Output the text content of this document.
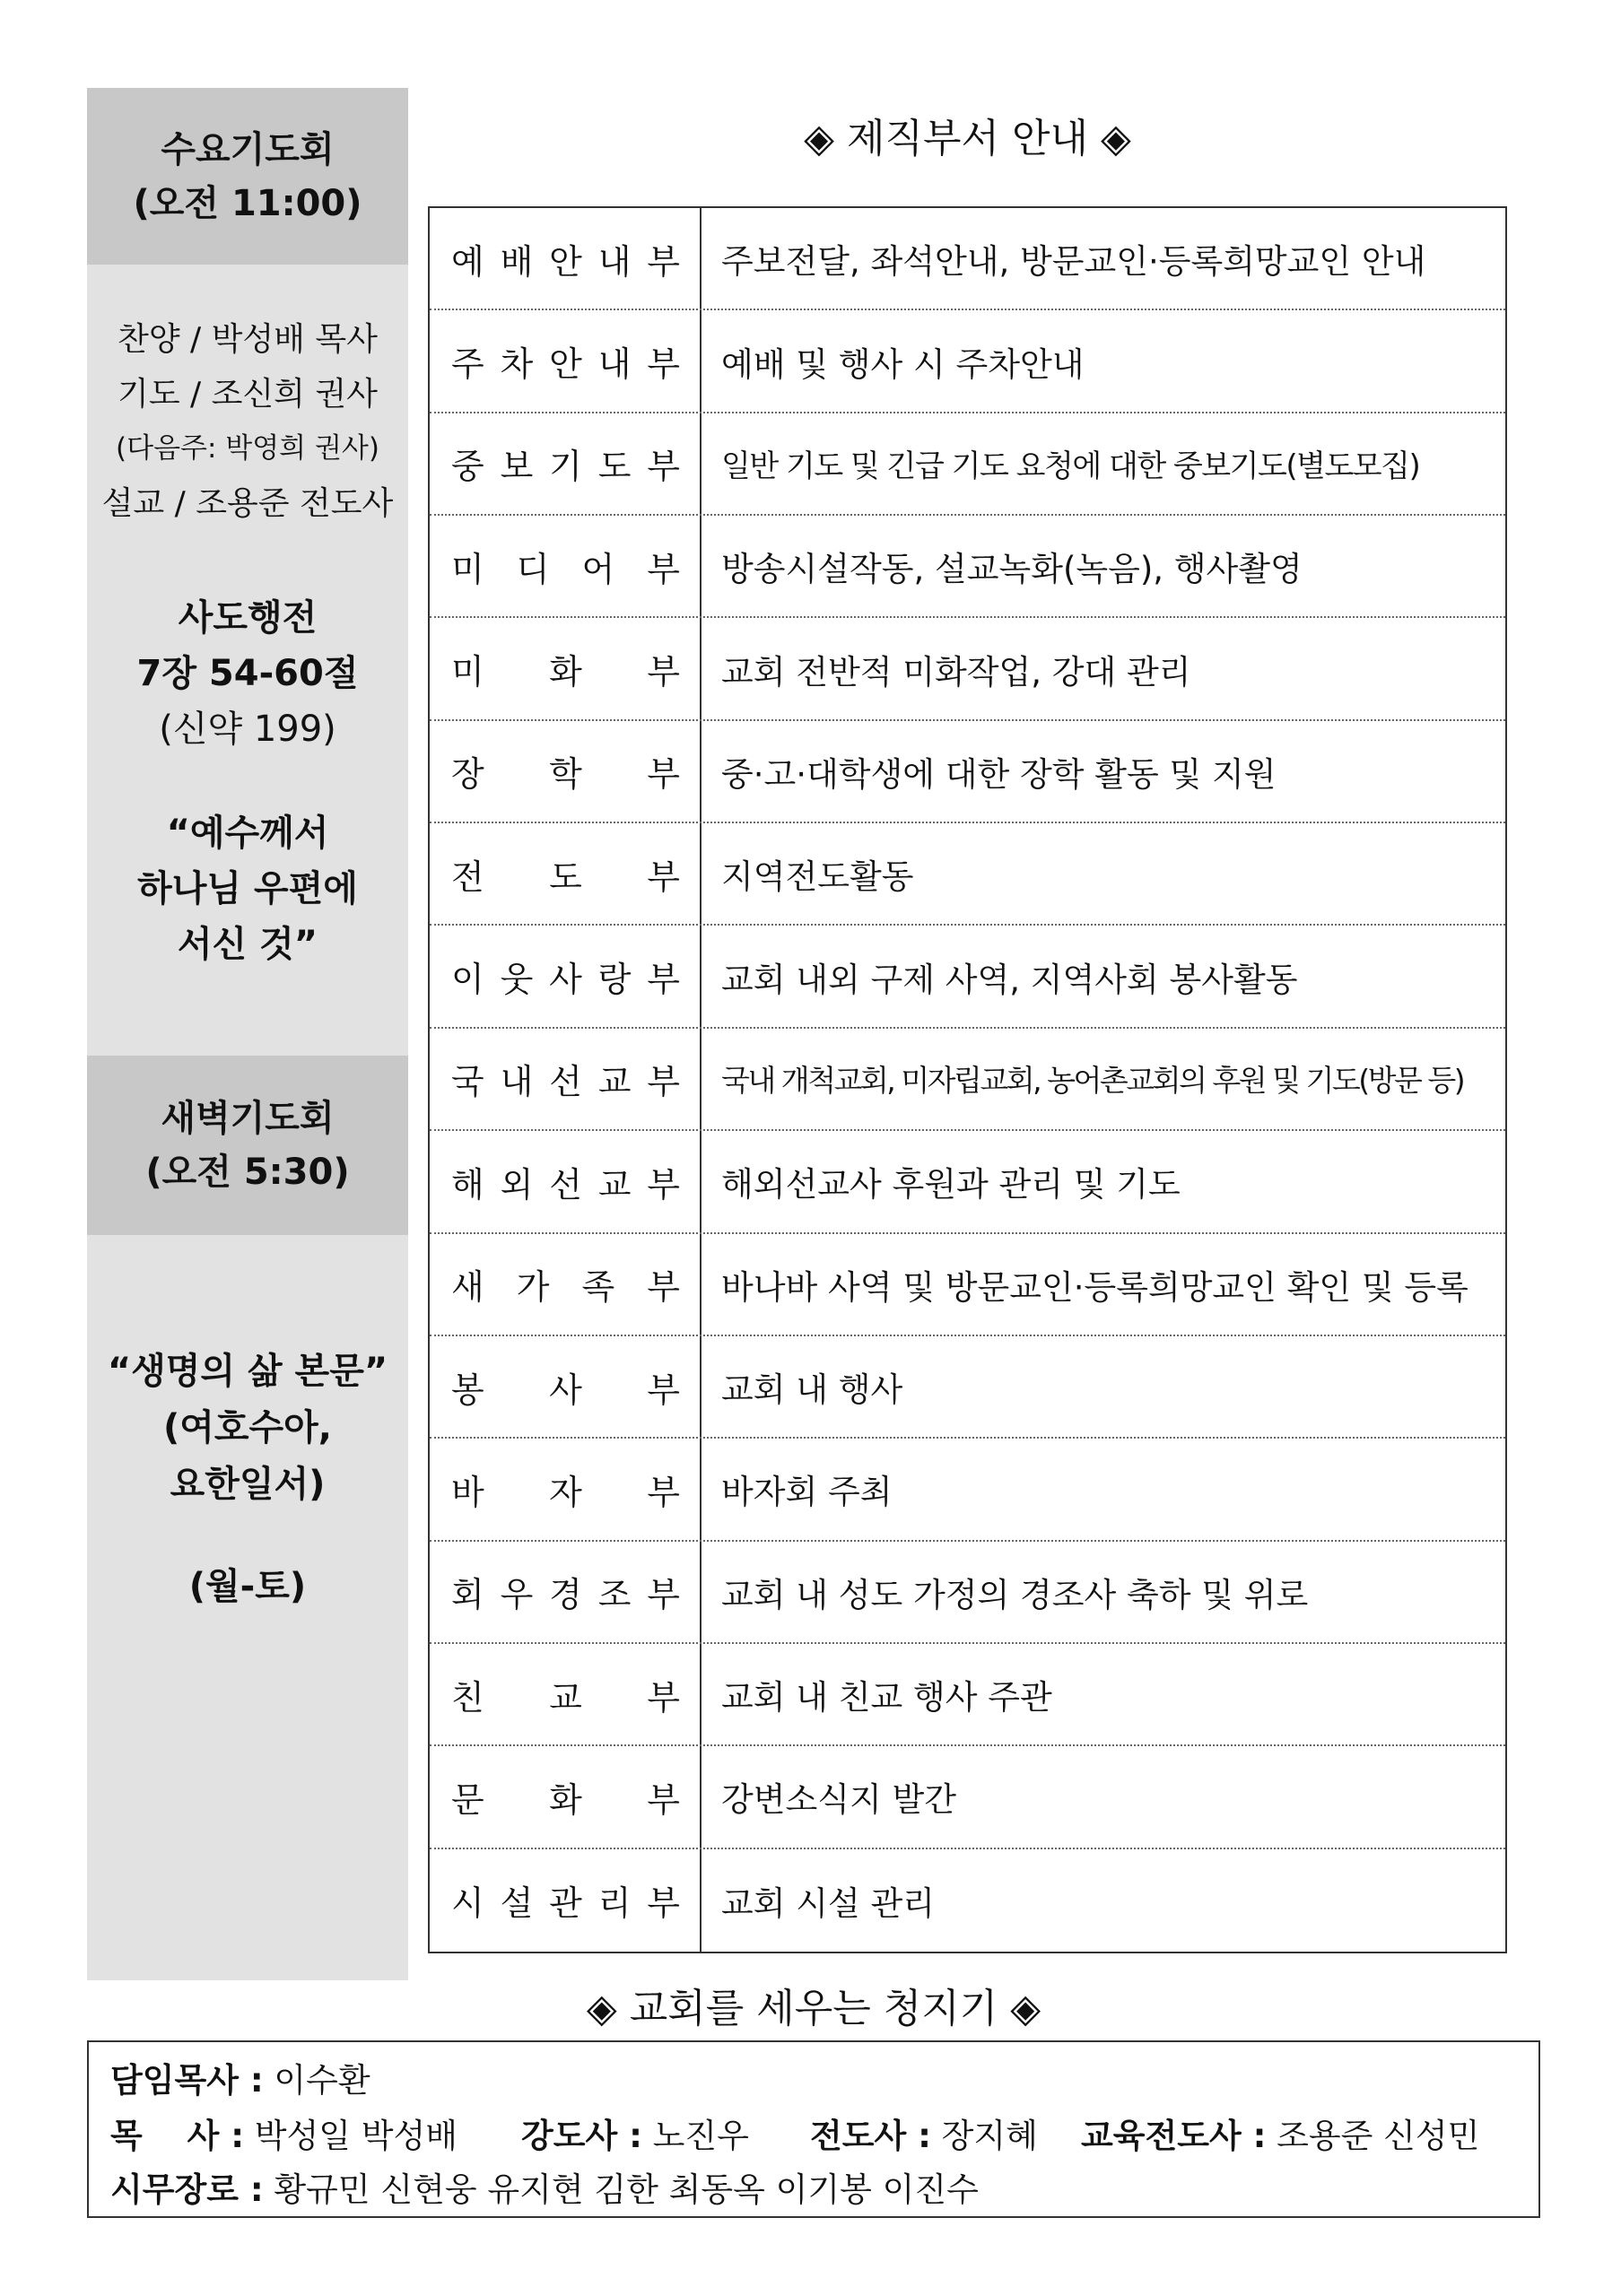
수요기도회
(오전 11:00)
찬양 / 박성배 목사
기도 / 조신희 권사
(다음주: 박영희 권사)
설교 / 조용준 전도사
사도행전
7장 54-60절
(신약 199)
“예수께서
하나님 우편에
서신 것”
새벽기도회
(오전 5:30)
“생명의 삶 본문”
(여호수아,
요한일서)
(월-토)
◈ 제직부서 안내 ◈
예 배 안 내 부 주보전달, 좌석안내, 방문교인·등록희망교인 안내
주 차 안 내 부 예배 및 행사 시 주차안내
중 보 기 도 부 일반 기도 및 긴급 기도 요청에 대한 중보기도(별도모집)
미 디 어 부 방송시설작동, 설교녹화(녹음), 행사촬영
미 화 부 교회 전반적 미화작업, 강대 관리
장 학 부 중·고·대학생에 대한 장학 활동 및 지원
전 도 부 지역전도활동
이 웃 사 랑 부 교회 내외 구제 사역, 지역사회 봉사활동
국 내 선 교 부 국내 개척교회, 미자립교회, 농어촌교회의 후원 및 기도(방문 등)
해 외 선 교 부 해외선교사 후원과 관리 및 기도
새 가 족 부 바나바 사역 및 방문교인·등록희망교인 확인 및 등록
봉 사 부 교회 내 행사
바 자 부 바자회 주최
회 우 경 조 부 교회 내 성도 가정의 경조사 축하 및 위로
친 교 부 교회 내 친교 행사 주관
문 화 부 강변소식지 발간
시 설 관 리 부 교회 시설 관리
◈ 교회를 세우는 청지기 ◈
담임목사 : 이수환
목　 사 : 박성일 박성배 강도사 : 노진우 전도사 : 장지혜 교육전도사 : 조용준 신성민
시무장로 : 황규민 신현웅 유지현 김한 최동옥 이기봉 이진수
